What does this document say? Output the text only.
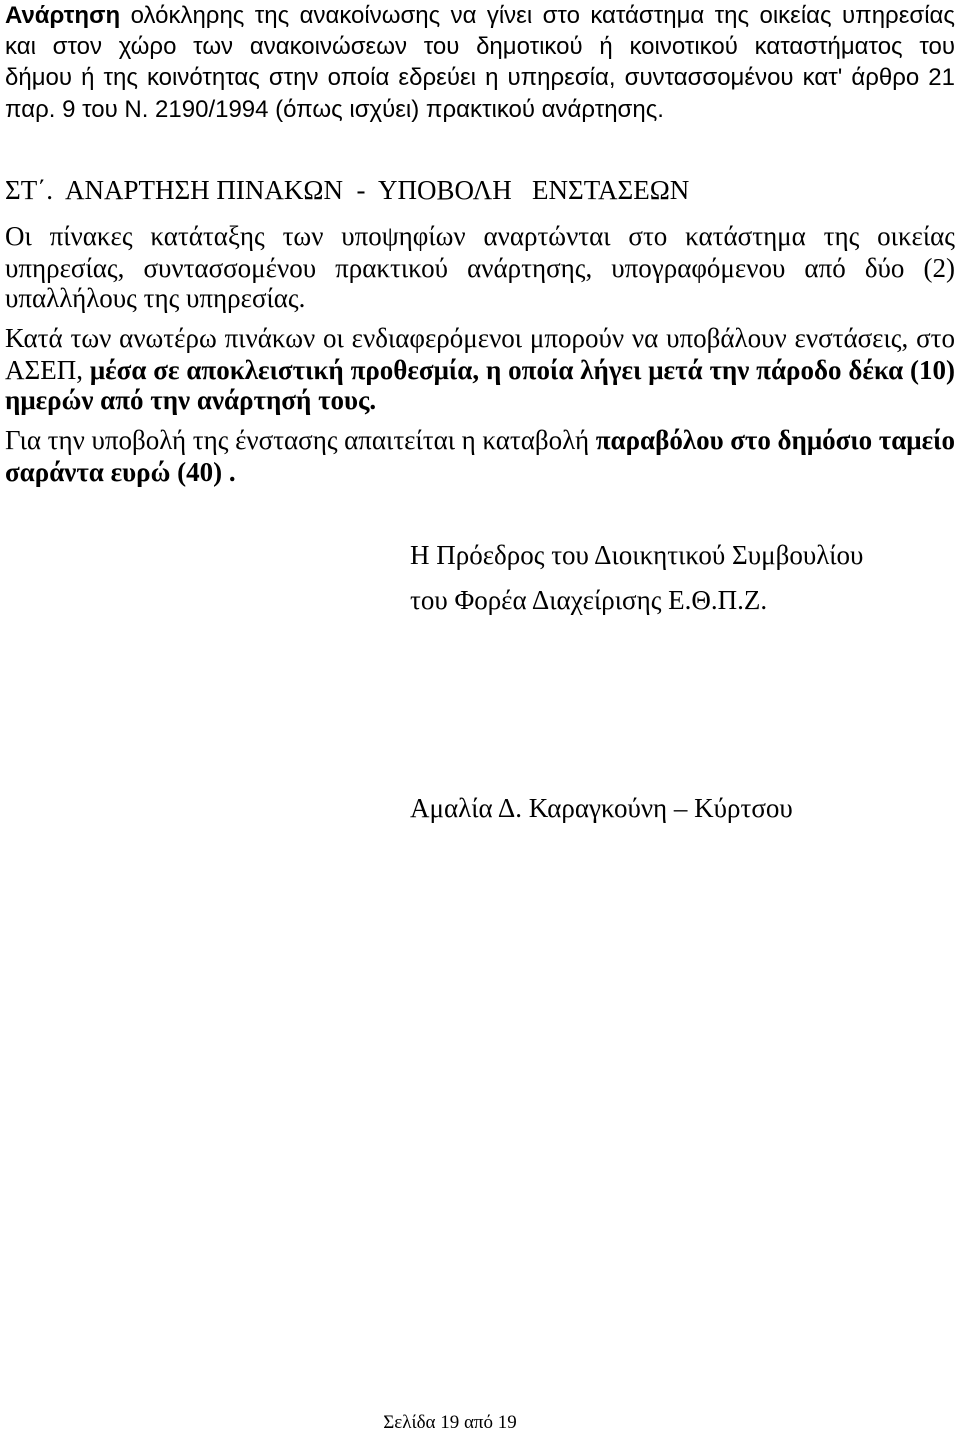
Ανάρτηση ολόκληρης της ανακοίνωσης να γίνει στο κατάστημα της οικείας υπηρεσίας
και στον χώρο των ανακοινώσεων του δημοτικού ή κοινοτικού καταστήματος του
δήμου ή της κοινότητας στην οποία εδρεύει η υπηρεσία, συντασσομένου κατ' άρθρο 21
παρ. 9 του Ν. 2190/1994 (όπως ισχύει) πρακτικού ανάρτησης.
ΣΤ΄.  ΑΝΑΡΤΗΣΗ ΠΙΝΑΚΩΝ  -  ΥΠΟΒΟΛΗ   ΕΝΣΤΑΣΕΩΝ
Οι πίνακες κατάταξης των υποψηφίων αναρτώνται στο κατάστημα της οικείας
υπηρεσίας, συντασσομένου πρακτικού ανάρτησης, υπογραφόμενου από δύο (2)
υπαλλήλους της υπηρεσίας.
Κατά των ανωτέρω πινάκων οι ενδιαφερόμενοι μπορούν να υποβάλουν ενστάσεις, στο
ΑΣΕΠ, μέσα σε αποκλειστική προθεσμία, η οποία λήγει μετά την πάροδο δέκα (10)
ημερών από την ανάρτησή τους.
Για την υποβολή της ένστασης απαιτείται η καταβολή παραβόλου στο δημόσιο ταμείο
σαράντα ευρώ (40) .
Η Πρόεδρος του Διοικητικού Συμβουλίου
του Φορέα Διαχείρισης Ε.Θ.Π.Ζ.
Αμαλία Δ. Καραγκούνη – Κύρτσου
Σελίδα 19 από 19
